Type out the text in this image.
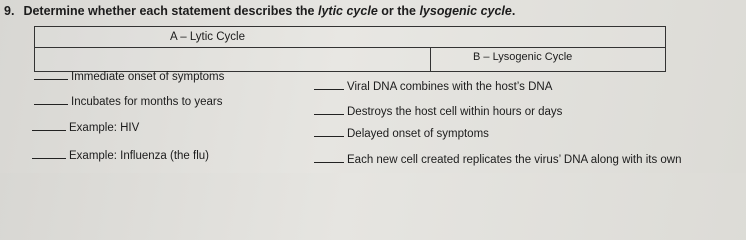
9. Determine whether each statement describes the lytic cycle or the lysogenic cycle.
A – Lytic Cycle
B – Lysogenic Cycle
Immediate onset of symptoms
Incubates for months to years
Example: HIV
Example: Influenza (the flu)
Viral DNA combines with the host’s DNA
Destroys the host cell within hours or days
Delayed onset of symptoms
Each new cell created replicates the virus’ DNA along with its own
